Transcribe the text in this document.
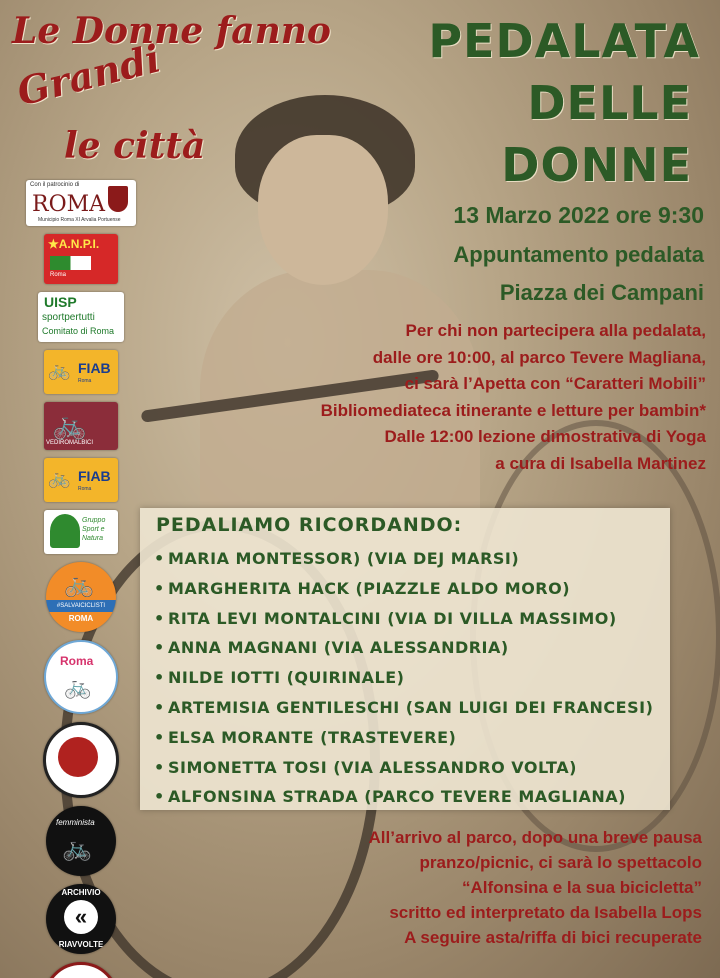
Le Donne fanno
Grandi
le città
PEDALATA
DELLE
DONNE
13 Marzo 2022 ore 9:30
Appuntamento pedalata
Piazza dei Campani
Per chi non partecipera alla pedalata,
dalle ore 10:00, al parco Tevere Magliana,
ci sarà l’Apetta con “Caratteri Mobili”
Bibliomediateca itinerante e letture per bambin*
Dalle 12:00 lezione dimostrativa di Yoga
a cura di Isabella Martinez
Con il patrocinio di
ROMA
Municipio Roma XI Arvalia Portuense
★A.N.P.I.
Roma
UISP
sportpertutti
Comitato di Roma
🚲 FIAB
Roma
🚲
VEDIROMALBICI
🚲 FIAB
Roma
Gruppo Sport e Natura
🚲
#SALVAICICLISTI
ROMA
Roma
🚲
femminista
🚲
ARCHIVIO
«
RIAVVOLTE
PEDALIAMO RICORDANDO:
• MARIA MONTESSOR) (VIA DEJ MARSI)
• MARGHERITA HACK (PIAZZLE ALDO MORO)
• RITA LEVI MONTALCINI (VIA DI VILLA MASSIMO)
• ANNA MAGNANI (VIA ALESSANDRIA)
• NILDE IOTTI (QUIRINALE)
• ARTEMISIA GENTILESCHI (SAN LUIGI DEI FRANCESI)
• ELSA MORANTE (TRASTEVERE)
• SIMONETTA TOSI (VIA ALESSANDRO VOLTA)
• ALFONSINA STRADA (PARCO TEVERE MAGLIANA)
All’arrivo al parco, dopo una breve pausa
pranzo/picnic, ci sarà lo spettacolo
“Alfonsina e la sua bicicletta”
scritto ed interpretato da Isabella Lops
A seguire asta/riffa di bici recuperate
